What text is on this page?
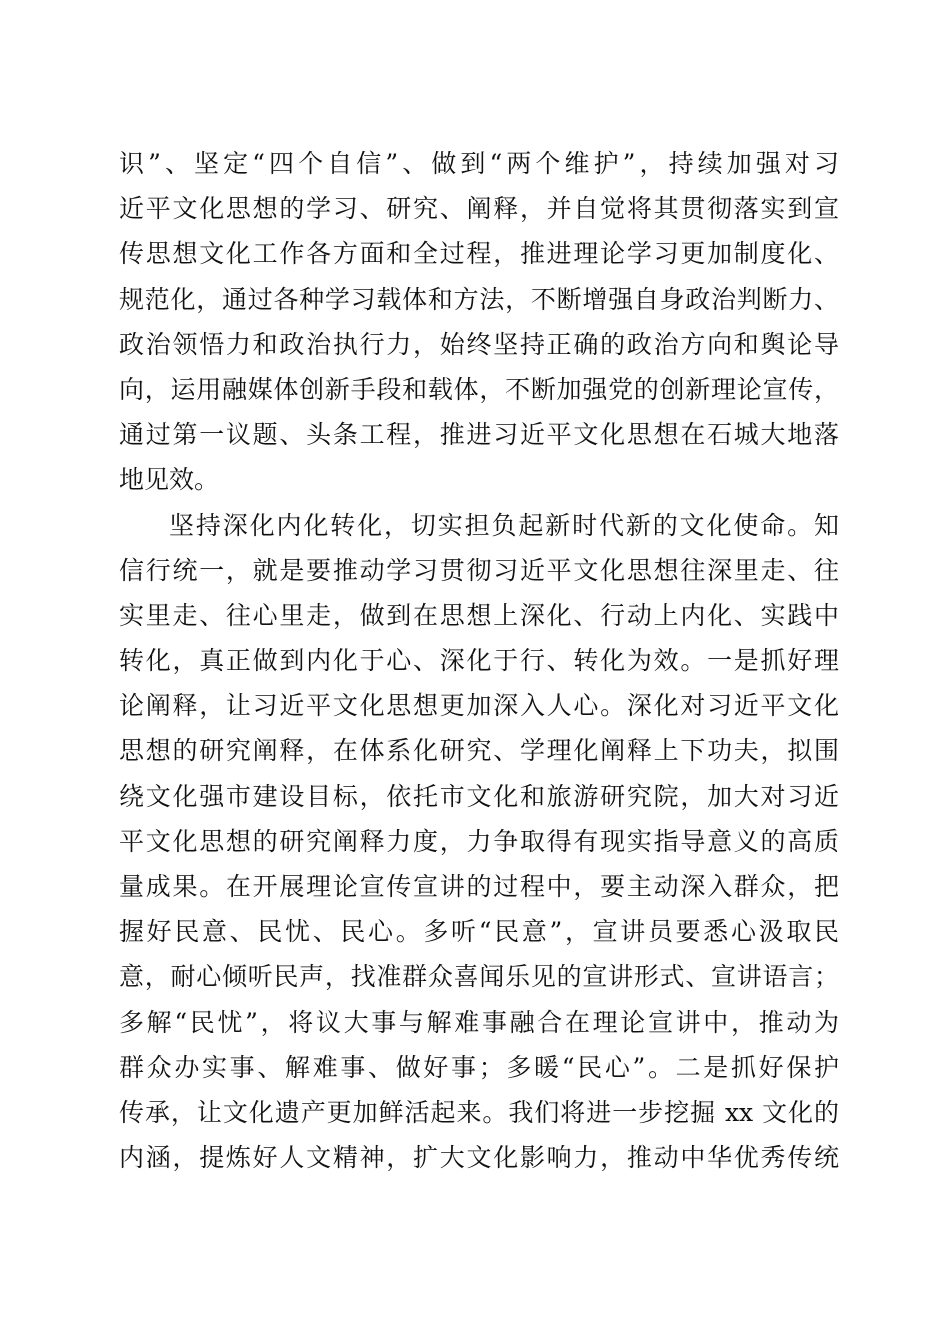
识”、坚定“四个自信”、做到“两个维护”，持续加强对习
近平文化思想的学习、研究、阐释，并自觉将其贯彻落实到宣
传思想文化工作各方面和全过程，推进理论学习更加制度化、
规范化，通过各种学习载体和方法，不断增强自身政治判断力、
政治领悟力和政治执行力，始终坚持正确的政治方向和舆论导
向，运用融媒体创新手段和载体，不断加强党的创新理论宣传，
通过第一议题、头条工程，推进习近平文化思想在石城大地落
地见效。
坚持深化内化转化，切实担负起新时代新的文化使命。知
信行统一，就是要推动学习贯彻习近平文化思想往深里走、往
实里走、往心里走，做到在思想上深化、行动上内化、实践中
转化，真正做到内化于心、深化于行、转化为效。一是抓好理
论阐释，让习近平文化思想更加深入人心。深化对习近平文化
思想的研究阐释，在体系化研究、学理化阐释上下功夫，拟围
绕文化强市建设目标，依托市文化和旅游研究院，加大对习近
平文化思想的研究阐释力度，力争取得有现实指导意义的高质
量成果。在开展理论宣传宣讲的过程中，要主动深入群众，把
握好民意、民忧、民心。多听“民意”，宣讲员要悉心汲取民
意，耐心倾听民声，找准群众喜闻乐见的宣讲形式、宣讲语言；
多解“民忧”，将议大事与解难事融合在理论宣讲中，推动为
群众办实事、解难事、做好事；多暖“民心”。二是抓好保护
传承，让文化遗产更加鲜活起来。我们将进一步挖掘 xx 文化的
内涵，提炼好人文精神，扩大文化影响力，推动中华优秀传统
